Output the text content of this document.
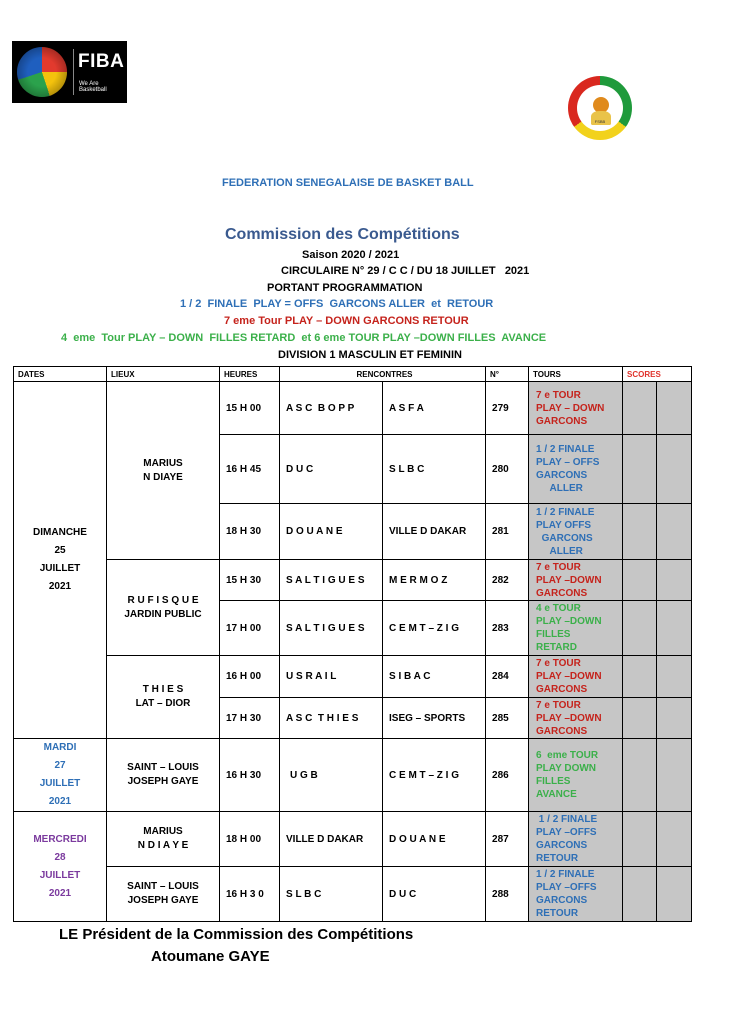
FIBA
We Are Basketball
FSBB
FEDERATION SENEGALAISE DE BASKET BALL
Commission des Compétitions
Saison 2020 / 2021
CIRCULAIRE N° 29 / C C / DU 18 JUILLET   2021
PORTANT PROGRAMMATION
1 / 2  FINALE  PLAY = OFFS  GARCONS ALLER  et  RETOUR
7 eme Tour PLAY – DOWN GARCONS RETOUR
4  eme  Tour PLAY – DOWN  FILLES RETARD  et 6 eme TOUR PLAY –DOWN FILLES  AVANCE
DIVISION 1 MASCULIN ET FEMININ
DATES	LIEUX	HEURES	RENCONTRES		N°	TOURS	SCORES	
DIMANCHE
25
JUILLET
2021	MARIUS
N DIAYE	15 H 00	A S C  B O P P	A S F A	279	7 e TOUR
PLAY – DOWN
GARCONS		
		16 H 45	D U C	S L B C	280	1 / 2 FINALE
PLAY – OFFS
GARCONS
ALLER		
		18 H 30	D O U A N E	VILLE D DAKAR	281	1 / 2 FINALE
PLAY OFFS
GARCONS
ALLER		
	R U F I S Q U E
JARDIN PUBLIC	15 H 30	S A L T I G U E S	M E R M O Z	282	7 e TOUR
PLAY –DOWN
GARCONS		
		17 H 00	S A L T I G U E S	C E M T – Z I G	283	4 e TOUR
PLAY –DOWN
FILLES
RETARD		
	T H I E S
LAT – DIOR	16 H 00	U S R A I L	S I B A C	284	7 e TOUR
PLAY –DOWN
GARCONS		
		17 H 30	A S C  T H I E S	ISEG – SPORTS	285	7 e TOUR
PLAY –DOWN
GARCONS		
MARDI
27
JUILLET
2021	SAINT – LOUIS
JOSEPH GAYE	16 H 30	U G B	C E M T – Z I G	286	6  eme TOUR
PLAY DOWN
FILLES
AVANCE		
MERCREDI
28
JUILLET
2021	MARIUS
N D I A Y E	18 H 00	VILLE D DAKAR	D O U A N E	287	1 / 2 FINALE
PLAY –OFFS
GARCONS
RETOUR		
	SAINT – LOUIS
JOSEPH GAYE	16 H 3 0	S L B C	D U C	288	1 / 2 FINALE
PLAY –OFFS
GARCONS
RETOUR		
LE Président de la Commission des Compétitions
Atoumane GAYE
